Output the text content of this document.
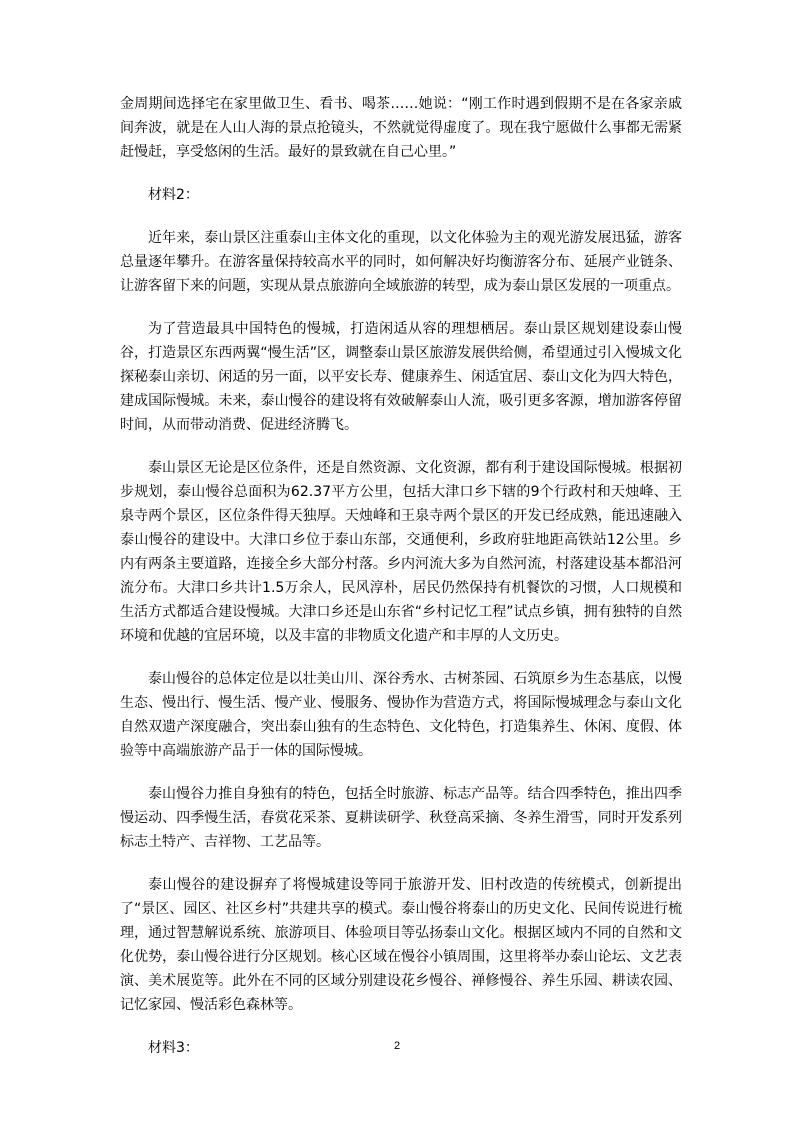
金周期间选择宅在家里做卫生、看书、喝茶……她说：“刚工作时遇到假期不是在各家亲戚间奔波，就是在人山人海的景点抢镜头，不然就觉得虚度了。现在我宁愿做什么事都无需紧赶慢赶，享受悠闲的生活。最好的景致就在自己心里。”

材料2：

近年来，泰山景区注重泰山主体文化的重现，以文化体验为主的观光游发展迅猛，游客总量逐年攀升。在游客量保持较高水平的同时，如何解决好均衡游客分布、延展产业链条、让游客留下来的问题，实现从景点旅游向全域旅游的转型，成为泰山景区发展的一项重点。

为了营造最具中国特色的慢城，打造闲适从容的理想栖居。泰山景区规划建设泰山慢谷，打造景区东西两翼“慢生活”区，调整泰山景区旅游发展供给侧，希望通过引入慢城文化探秘泰山亲切、闲适的另一面，以平安长寿、健康养生、闲适宜居、泰山文化为四大特色，建成国际慢城。未来，泰山慢谷的建设将有效破解泰山人流，吸引更多客源，增加游客停留时间，从而带动消费、促进经济腾飞。

泰山景区无论是区位条件，还是自然资源、文化资源，都有利于建设国际慢城。根据初步规划，泰山慢谷总面积为62.37平方公里，包括大津口乡下辖的9个行政村和天烛峰、王泉寺两个景区，区位条件得天独厚。天烛峰和王泉寺两个景区的开发已经成熟，能迅速融入泰山慢谷的建设中。大津口乡位于泰山东部，交通便利，乡政府驻地距高铁站12公里。乡内有两条主要道路，连接全乡大部分村落。乡内河流大多为自然河流，村落建设基本都沿河流分布。大津口乡共计1.5万余人，民风淳朴，居民仍然保持有机餐饮的习惯，人口规模和生活方式都适合建设慢城。大津口乡还是山东省“乡村记忆工程”试点乡镇，拥有独特的自然环境和优越的宜居环境，以及丰富的非物质文化遗产和丰厚的人文历史。

泰山慢谷的总体定位是以壮美山川、深谷秀水、古树茶园、石筑原乡为生态基底，以慢生态、慢出行、慢生活、慢产业、慢服务、慢协作为营造方式，将国际慢城理念与泰山文化自然双遗产深度融合，突出泰山独有的生态特色、文化特色，打造集养生、休闲、度假、体验等中高端旅游产品于一体的国际慢城。

泰山慢谷力推自身独有的特色，包括全时旅游、标志产品等。结合四季特色，推出四季慢运动、四季慢生活，春赏花采茶、夏耕读研学、秋登高采摘、冬养生滑雪，同时开发系列标志土特产、吉祥物、工艺品等。

泰山慢谷的建设摒弃了将慢城建设等同于旅游开发、旧村改造的传统模式，创新提出了“景区、园区、社区乡村”共建共享的模式。泰山慢谷将泰山的历史文化、民间传说进行梳理，通过智慧解说系统、旅游项目、体验项目等弘扬泰山文化。根据区域内不同的自然和文化优势，泰山慢谷进行分区规划。核心区域在慢谷小镇周围，这里将举办泰山论坛、文艺表演、美术展览等。此外在不同的区域分别建设花乡慢谷、禅修慢谷、养生乐园、耕读农园、记忆家园、慢活彩色森林等。

材料3：	2
